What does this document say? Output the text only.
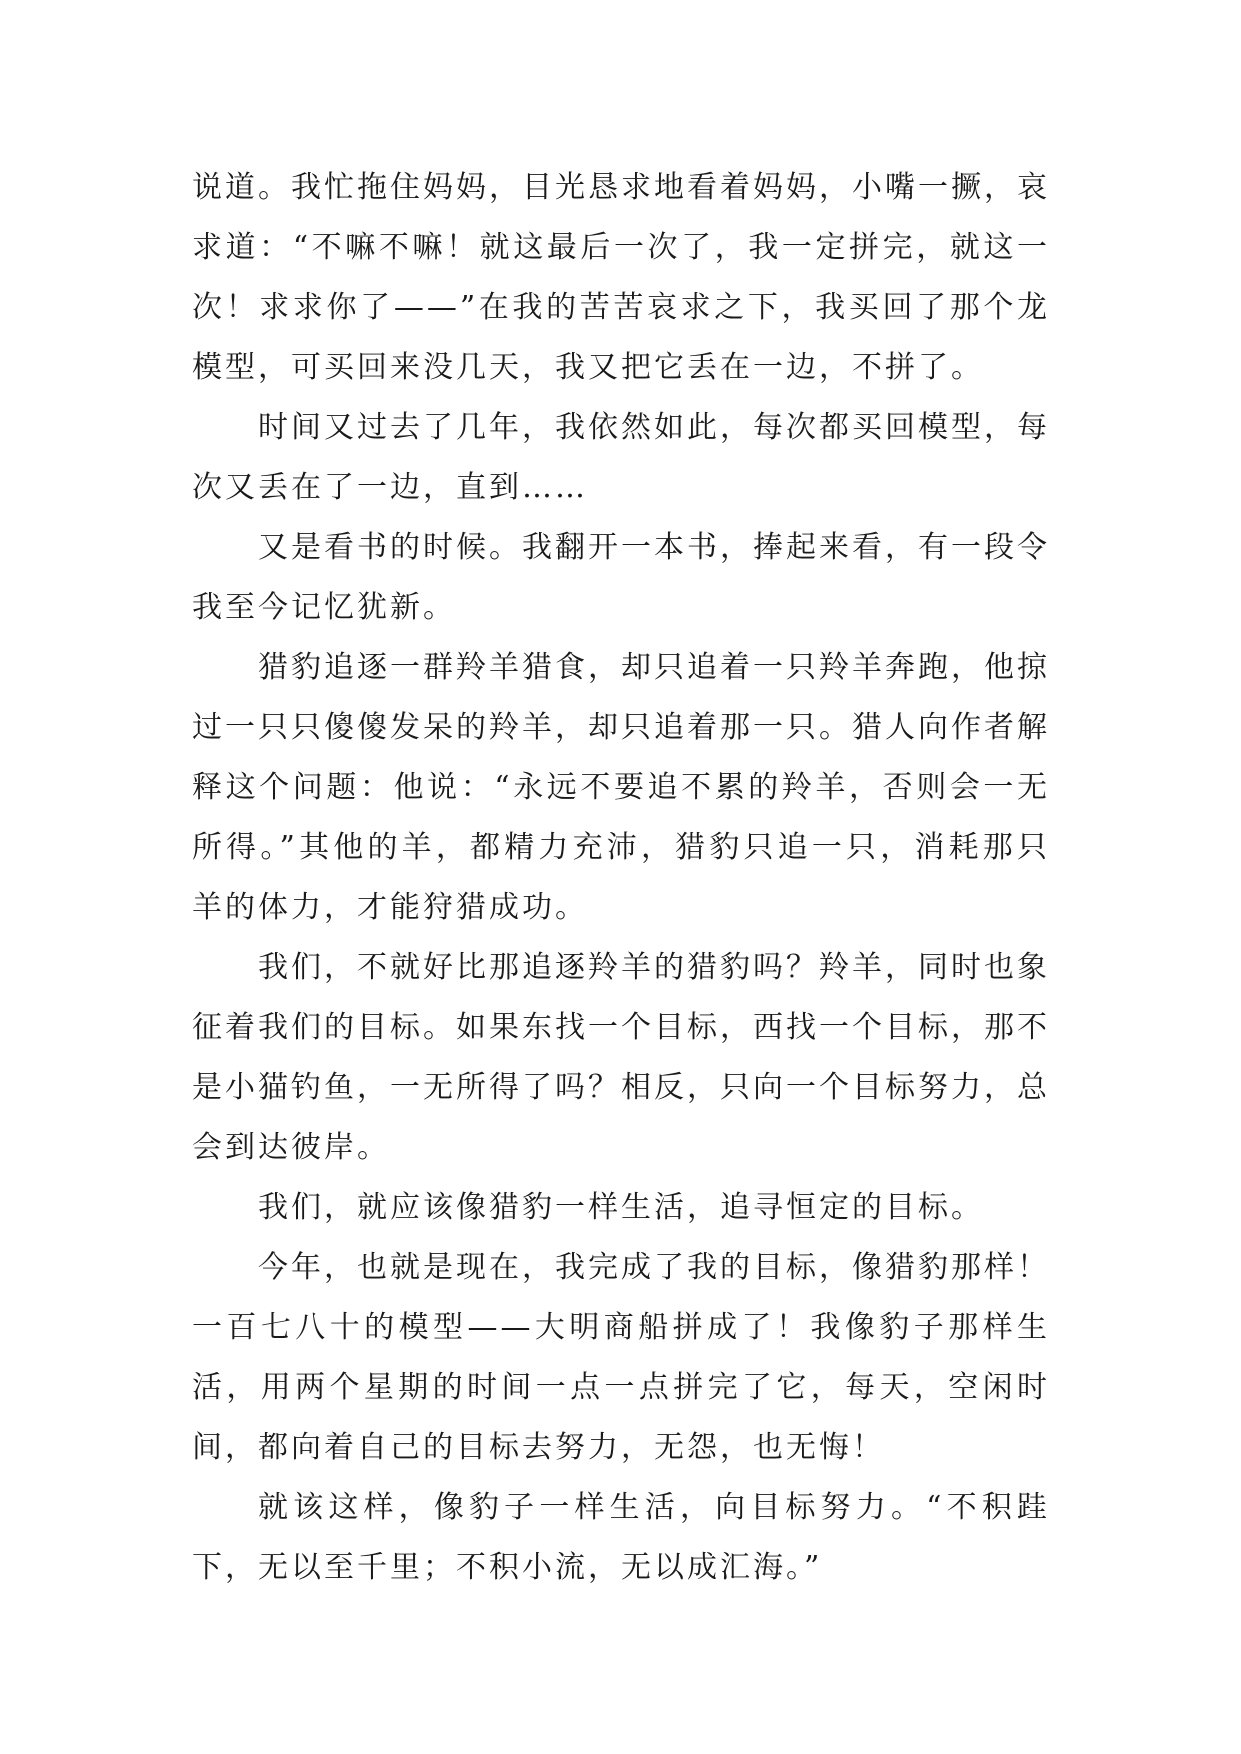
说道。我忙拖住妈妈，目光恳求地看着妈妈，小嘴一撅，哀求道：“不嘛不嘛！就这最后一次了，我一定拼完，就这一次！求求你了——”在我的苦苦哀求之下，我买回了那个龙模型，可买回来没几天，我又把它丢在一边，不拼了。

时间又过去了几年，我依然如此，每次都买回模型，每次又丢在了一边，直到……

又是看书的时候。我翻开一本书，捧起来看，有一段令我至今记忆犹新。

猎豹追逐一群羚羊猎食，却只追着一只羚羊奔跑，他掠过一只只傻傻发呆的羚羊，却只追着那一只。猎人向作者解释这个问题：他说：“永远不要追不累的羚羊，否则会一无所得。”其他的羊，都精力充沛，猎豹只追一只，消耗那只羊的体力，才能狩猎成功。

我们，不就好比那追逐羚羊的猎豹吗？羚羊，同时也象征着我们的目标。如果东找一个目标，西找一个目标，那不是小猫钓鱼，一无所得了吗？相反，只向一个目标努力，总会到达彼岸。

我们，就应该像猎豹一样生活，追寻恒定的目标。

今年，也就是现在，我完成了我的目标，像猎豹那样！一百七八十的模型——大明商船拼成了！我像豹子那样生活，用两个星期的时间一点一点拼完了它，每天，空闲时间，都向着自己的目标去努力，无怨，也无悔！

就该这样，像豹子一样生活，向目标努力。“不积跬下，无以至千里；不积小流，无以成汇海。”
